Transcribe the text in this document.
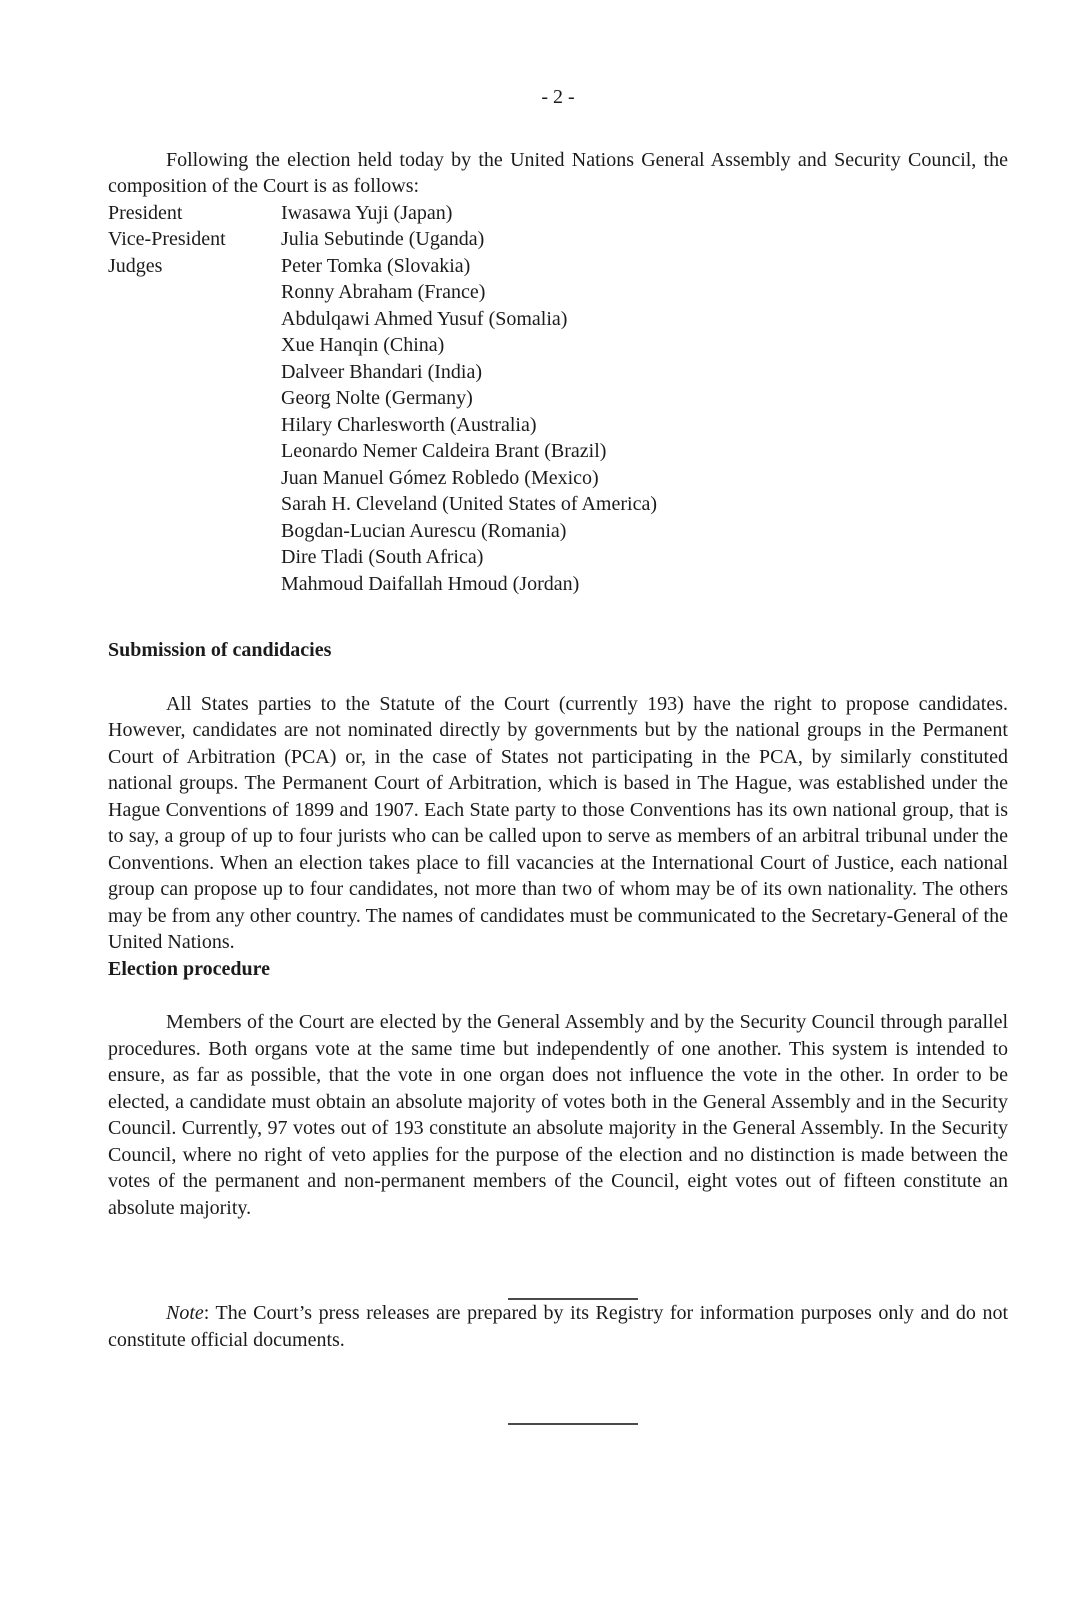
- 2 -

Following the election held today by the United Nations General Assembly and Security Council, the composition of the Court is as follows:

President	Iwasawa Yuji (Japan)
Vice-President	Julia Sebutinde (Uganda)
Judges	Peter Tomka (Slovakia)
Ronny Abraham (France)
Abdulqawi Ahmed Yusuf (Somalia)
Xue Hanqin (China)
Dalveer Bhandari (India)
Georg Nolte (Germany)
Hilary Charlesworth (Australia)
Leonardo Nemer Caldeira Brant (Brazil)
Juan Manuel Gómez Robledo (Mexico)
Sarah H. Cleveland (United States of America)
Bogdan-Lucian Aurescu (Romania)
Dire Tladi (South Africa)
Mahmoud Daifallah Hmoud (Jordan)
Submission of candidacies

All States parties to the Statute of the Court (currently 193) have the right to propose candidates. However, candidates are not nominated directly by governments but by the national groups in the Permanent Court of Arbitration (PCA) or, in the case of States not participating in the PCA, by similarly constituted national groups. The Permanent Court of Arbitration, which is based in The Hague, was established under the Hague Conventions of 1899 and 1907. Each State party to those Conventions has its own national group, that is to say, a group of up to four jurists who can be called upon to serve as members of an arbitral tribunal under the Conventions. When an election takes place to fill vacancies at the International Court of Justice, each national group can propose up to four candidates, not more than two of whom may be of its own nationality. The others may be from any other country. The names of candidates must be communicated to the Secretary-General of the United Nations.

Election procedure

Members of the Court are elected by the General Assembly and by the Security Council through parallel procedures. Both organs vote at the same time but independently of one another. This system is intended to ensure, as far as possible, that the vote in one organ does not influence the vote in the other. In order to be elected, a candidate must obtain an absolute majority of votes both in the General Assembly and in the Security Council. Currently, 97 votes out of 193 constitute an absolute majority in the General Assembly. In the Security Council, where no right of veto applies for the purpose of the election and no distinction is made between the votes of the permanent and non-permanent members of the Council, eight votes out of fifteen constitute an absolute majority.

Note: The Court’s press releases are prepared by its Registry for information purposes only and do not constitute official documents.
